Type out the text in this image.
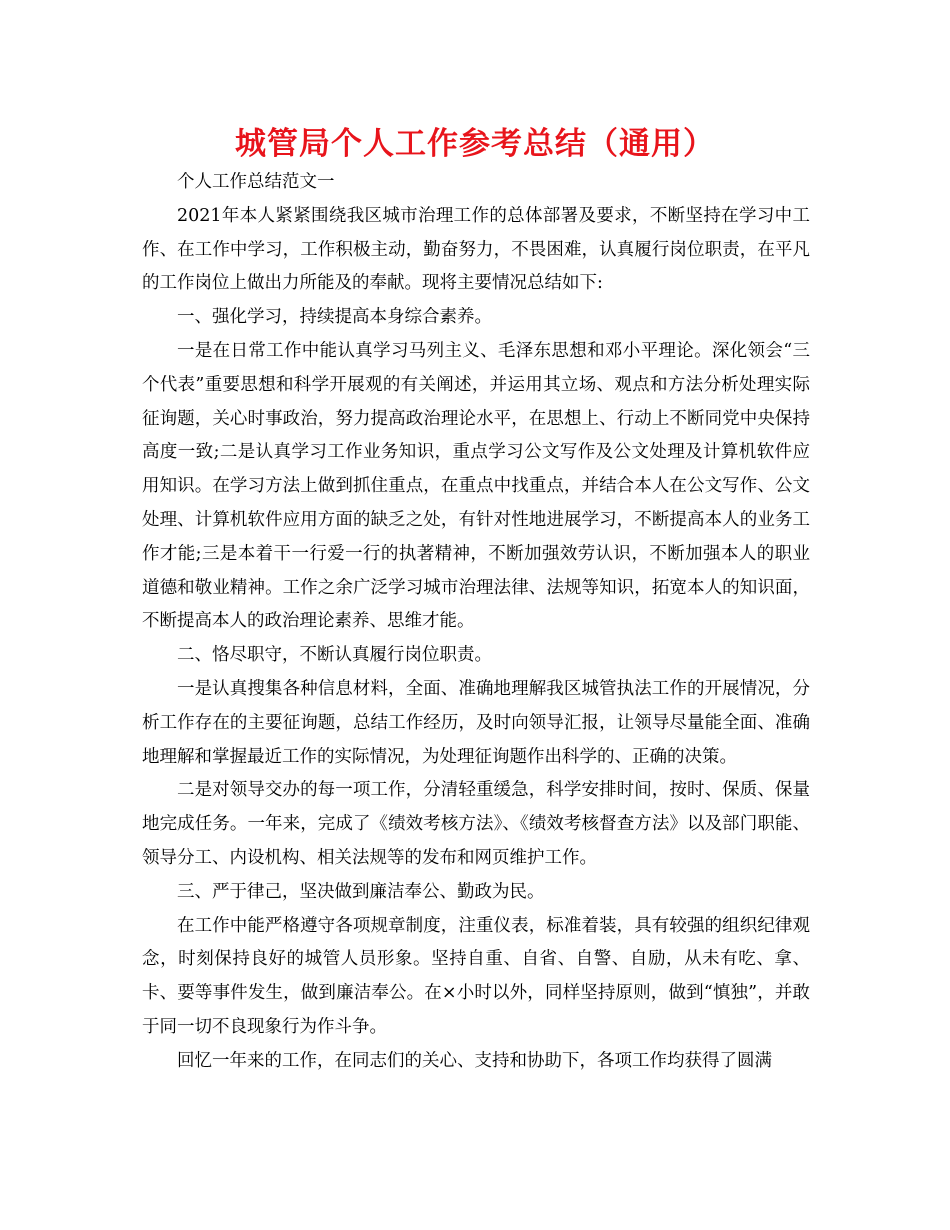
城管局个人工作参考总结（通用）

个人工作总结范文一

2021年本人紧紧围绕我区城市治理工作的总体部署及要求，不断坚持在学习中工作、在工作中学习，工作积极主动，勤奋努力，不畏困难，认真履行岗位职责，在平凡的工作岗位上做出力所能及的奉献。现将主要情况总结如下:

一、强化学习，持续提高本身综合素养。

一是在日常工作中能认真学习马列主义、毛泽东思想和邓小平理论。深化领会“三个代表”重要思想和科学开展观的有关阐述，并运用其立场、观点和方法分析处理实际征询题，关心时事政治，努力提高政治理论水平，在思想上、行动上不断同党中央保持高度一致;二是认真学习工作业务知识，重点学习公文写作及公文处理及计算机软件应用知识。在学习方法上做到抓住重点，在重点中找重点，并结合本人在公文写作、公文处理、计算机软件应用方面的缺乏之处，有针对性地进展学习，不断提高本人的业务工作才能;三是本着干一行爱一行的执著精神，不断加强效劳认识，不断加强本人的职业道德和敬业精神。工作之余广泛学习城市治理法律、法规等知识，拓宽本人的知识面，不断提高本人的政治理论素养、思维才能。

二、恪尽职守，不断认真履行岗位职责。

一是认真搜集各种信息材料，全面、准确地理解我区城管执法工作的开展情况，分析工作存在的主要征询题，总结工作经历，及时向领导汇报，让领导尽量能全面、准确地理解和掌握最近工作的实际情况，为处理征询题作出科学的、正确的决策。

二是对领导交办的每一项工作，分清轻重缓急，科学安排时间，按时、保质、保量地完成任务。一年来，完成了《绩效考核方法》、《绩效考核督查方法》以及部门职能、领导分工、内设机构、相关法规等的发布和网页维护工作。

三、严于律己，坚决做到廉洁奉公、勤政为民。

在工作中能严格遵守各项规章制度，注重仪表，标准着装，具有较强的组织纪律观念，时刻保持良好的城管人员形象。坚持自重、自省、自警、自励，从未有吃、拿、卡、要等事件发生，做到廉洁奉公。在×小时以外，同样坚持原则，做到“慎独”，并敢于同一切不良现象行为作斗争。

回忆一年来的工作，在同志们的关心、支持和协助下，各项工作均获得了圆满
